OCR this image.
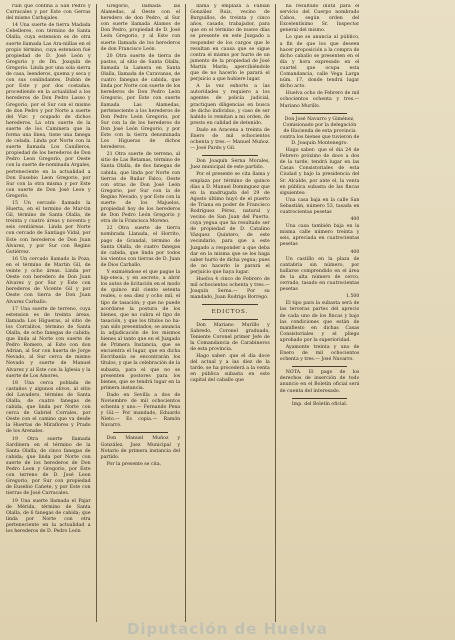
ruin que confina a San Pedro y Carracales y por Este con Gerras del mismo Carbajales.

14 Una suerte de tierra Madada Cebelleres, con término de Santa Olalla, cuya estension es de otra suerte llamada Las Ara-niillas en el propio término, cuya estension fué propiedad de D. José León y Gregorio y de Dn. Joaquín de Gregorio. Linda por una sola sierra de casa, leenderos, quema y seca y con sus conlindantes, Dubán de por Este y por dos costadas; procediendo en la actualidad a los herederos de Don Pedro Lasso y Gregorio, por el Sur con el mismo de don Pedro y por Norte a suerte del Vizc y ocupado de dichos herederos. La otra suerte de la suerte de los Caminera que la forma una linea, tiene una fanega de celada. Linda por Norte con la suerte llamada Los Canilleros, propiedad de los herederos de Don Pedro Leon Gregorio, por Oeste con la suerte de-nominada Argales, perteneciente en la actualidad a Don Eusebio Leon Gregorio, por Sur con la otra misma y por Este con suerte de Don José Leon y Gregorio.

15 Un cercado llamado la Huerta, en el termino de Mar-tin Gil, término de Santa Olalla, de treinta y cuatro áreas y noventa y seis centiáreas. Linda por Norte con cercado de Santiago Vidal, por Este con herederos de Don Juan Alvarez, y por Sur con Regino Gutiérrez.

16 Un cercado llamado la Poza, en el término de Martin Gil, de veinte y ocho áreas. Linda por Oeste con heredero de Don Juan Alvarez y por Sur y Este con herederos de Vicente Gil y por Oeste con tierra de Don Juan Alvarez Carballo.

17 Una suerte de terreno, cuya estension es de treinta áreas, llamada Los Higueras, al sitio de los Corralitos, término de Santa Olalla, de ocho fanegas de cabida; que linda al Norte con suerte de Pedro Romero, al Este con don Adrian, al Sur con huerta de Jorge Nevado, al Sur cerca de mismo Nevado y suerte de Manuel Alvarez y al Este con la Iglesia y la suerte de Los Amores.

18 Una cerca poblada de castaños y algunos olivos, al sitio del Lavadero, término de Santa Olalla, de cuatro fanegas de cabida, que linda por Norte con cerca de Gabriel Corrales, por Oeste con el camino que va desde la Huertas de Miraflores y Prado de los Arenales.

19 Otra suerte llamada Sardinera en el término de la Santa Olalla, de cinco fanegas de cabida; que linda por Norte con suerte de los herederos de Don Pedro Leon y Gregorio, por Este con terreno de D. José Leon Gregorio, por Sur con propiedad de Eusebio Cañete, y por Este con tierras de José Carracales.

19 Una suerte llamada el Pajar de Mérida, término de Santa Olalla, de 6 fanegas de cabida; que linda por Norte con otra perteneciente en la actualidad a los herederos de D. Pedro León

Gregorio, llamada las Alamedas, al Oeste con el heredero de don Pedro, al Sur con suerte llamada Alamos de Don Pedro, propiedad de D. José León Gregorio, y al Este con suerte llamada de los herederos de don Francisco León.

20 Otra suerte de tierra de pastos, al sitio de Santa Olalla, llamada la Lamera en Santa Olalla, llamada de Caravanas, de cuatro fanegas de cabida, que linda por Norte con suerte de los herederos de Don Pedro León Gregorio, por Este con suerte llamada Las Alamedas, perteneciente a los herederos de Don Pedro León Gregorio, por Sur con la de los herederos de Don José León Gregorio, y por Este con la tierra denominada Los Higueras de dichos herederos.

21 Otra suerte de terreno, al sitio de Las Retamas, término de Santa Olalla, de dos fanegas de cabida, que linda por Norte con tierras de Ruilar Falco, Oeste con otras de Don José León Gregorio, por Sur con la de Regino Nevado, y por Este con la suerte de los Majuelos, propiedad hoy de los herederos de Don Pedro León Gregorio y otra de la Francisca Moreno.

22 Otra suerte de tierra nombrada Llanada, el Horrito, pago de Grandal, término de Santa Olalla, de cuatro fanegas de cabida, que linda por todos los vientos con tierras de D. Juan de Dios Carballo.

Y eximiéndose el que pague la hip-oteca, y en secreto, a abrir los autos de licitación en el modo de quince mil ciento setenta reales, o sea diez y ocho mil, el tipo de tasación; y que no puede acordarse la postura de los bienes, que no cubra el tipo de tasación, y que los títulos no ha-yan sido presentados; se anuncia la adjudicación de los mismos bienes al tanto que en el Juzgado de Primera Instancia, que se encuentra el lugar, que en dicha Escribanía se encontrarán los títulos, y que la celebración de la subasta, para el que no se presenten postores para los bienes, que se tendrá lugar en la primera instancia.

Dado en Sevilla a dos de Noviembre de mil ochocientos ochenta y uno.— Fernando Pena y Gil.— Por mandado, Eduardo Nieto.— Es copia.— Ramón Navarro.

Don Manuel Muñoz y González, Juez Municipal y Notario de primera instancia del partido.

Por la presente se cita,

llama y emplaza a Fabián González Ruiz, vecino de Burguillos, de treinta y cinco años, casado, trabajador, para que en el término de nueve días se presente en este Juzgado a responder de los cargos que le resultan en causa que se sigue contra el mismo por hurto de un jumento de la propiedad de José Martín Marín; apercibiéndole que de no hacerlo le parará el perjuicio a que hubiere lugar.

A la vez exhorto a las autoridades y requiero a los agentes de policía judicial, practiquen diligencias en busca de dicho individuo, y caso de ser habido lo remitan a mi orden, de presto en calidad de detenido.

Dado en Aracena a treinta de Enero de mil ochocientos ochenta y tres.— Manuel Muñoz.— José Pardo y Gil.

Don Joaquín Serna Morales, Juez municipal de este partido.

Por el presente se cita llama y emplaza por término de quince días a D. Manuel Dominguez que en la madrugada del 29 de Agosto último huyó de el puerto de Triana en poder de Francisco Rodríguez Pérez, natural y vecino de San Juan del Puerto, cuya yegua que ha resultado ser de propiedad de D. Catalino Vázquez Quintero, de este vecindario, para que a este Juzgado a responder a que deba dar en la misma que se les haga saber hurto de dicha yegua; pues de no hacerlo le parará el perjuicio que haya lugar.

Huelva 4 cinco de Febrero de mil ochocientos ochenta y tres.— Joaquín Serna.— Por su mandado, Juan Rodrigo Borrego.

EDICTOS.

Don Mariano Murillo y Sabredo, Coronel graduado, Teniente Coronel primer Jefe de la Comandancia de Carabineros de esta provincia.

Hago saber: que el día doce del actual y a las diez de la tarde, se ha procederá a la venta en pública subasta en este capital del caballo que

ha resultado inútil para el servicio del Cuerpo nombrado Cabos, según orden del Excelentísimo Sr. Inspector general del mismo.

Lo que se anuncia al público, a fin de que los que deseen hacer proposición a la compra de dicho caballo se presenten en el día y hora expresado en el cuartel que ocupa esta Comandancia, calle Vega Larga núm. 17, donde tendrá lugar dicho acto.

Huelva ocho de Febrero de mil ochocientos ochenta y tres.— Mariano Murillo.

Don José Navarro y Giménez, Comisionado por la delegación de Hacienda de esta provincia contra los bienes que tuvieron de D. Joaquín Montenegro.

Hago saber: que el día 24 de Febrero próximo de doce a dos de la tarde, tendrá lugar en las Casas Consistoriales de esta Ciudad y bajo la presidencia del Sr. Alcalde, por ante el, la venta en pública subasta de las fincas siguientes:

Una casa baja en la calle San Sebastián, número 53, tasada en cuatrocientas pesetas

400

Una casa también baja en la misma calle número treinta y seis, apreciada en cuatrocientas pesetas

400

Un castillo en la plaza de cantabria sin número, por hallarse comprendido en el área de la alta número de cerco, cerrado, tasado en cuatrocientas pesetas

1.500

El tipo para la subasta será de las terceras partes del aprecio de cada uno de los fincas y bajo las condiciones que están de manifiesto en dichas Casas Consistoriales y el pliego aprobado por la superioridad.

Ayamonte treinta y uno de Enero de mil ochocientos ochenta y tres.— José Navarro.

NOTA. El pago de los derechos de inserción de todo anuncio en el Boletín oficial será de cuenta del interesado.

Imp. del Boletín oficial.

Diputación de Huelva
